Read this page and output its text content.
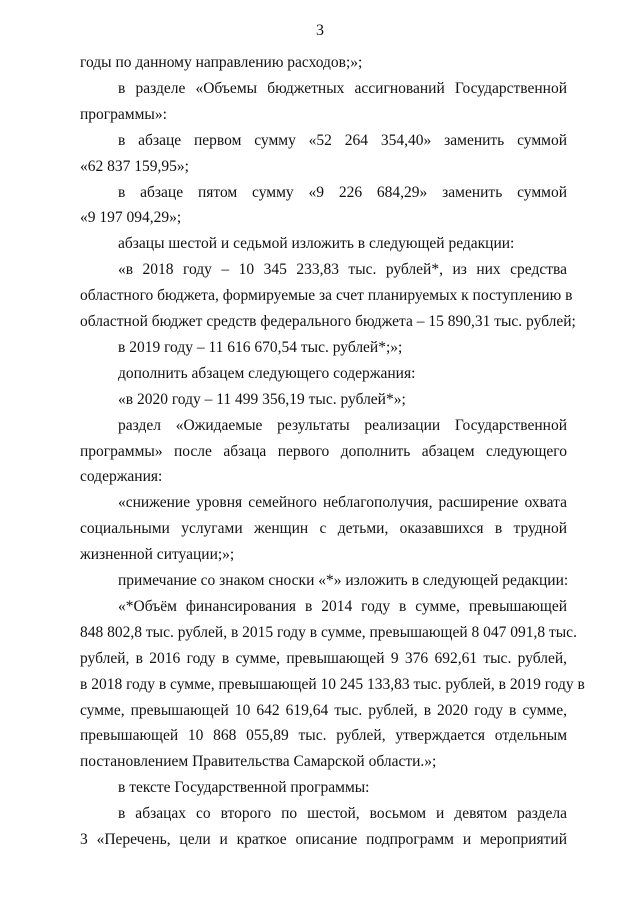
3
годы по данному направлению расходов;»;
в разделе «Объемы бюджетных ассигнований Государственной
программы»:
в абзаце первом сумму «52 264 354,40» заменить суммой
«62 837 159,95»;
в абзаце пятом сумму «9 226 684,29» заменить суммой
«9 197 094,29»;
абзацы шестой и седьмой изложить в следующей редакции:
«в 2018 году – 10 345 233,83 тыс. рублей*, из них средства
областного бюджета, формируемые за счет планируемых к поступлению в
областной бюджет средств федерального бюджета – 15 890,31 тыс. рублей;
в 2019 году – 11 616 670,54 тыс. рублей*;»;
дополнить абзацем следующего содержания:
«в 2020 году – 11 499 356,19 тыс. рублей*»;
раздел «Ожидаемые результаты реализации Государственной
программы» после абзаца первого дополнить абзацем следующего
содержания:
«снижение уровня семейного неблагополучия, расширение охвата
социальными услугами женщин с детьми, оказавшихся в трудной
жизненной ситуации;»;
примечание со знаком сноски «*» изложить в следующей редакции:
«*Объём финансирования в 2014 году в сумме, превышающей
848 802,8 тыс. рублей, в 2015 году в сумме, превышающей 8 047 091,8 тыс.
рублей, в 2016 году в сумме, превышающей 9 376 692,61 тыс. рублей,
в 2018 году в сумме, превышающей 10 245 133,83 тыс. рублей, в 2019 году в
сумме, превышающей 10 642 619,64 тыс. рублей, в 2020 году в сумме,
превышающей 10 868 055,89 тыс. рублей, утверждается отдельным
постановлением Правительства Самарской области.»;
в тексте Государственной программы:
в абзацах со второго по шестой, восьмом и девятом раздела
3 «Перечень, цели и краткое описание подпрограмм и мероприятий
